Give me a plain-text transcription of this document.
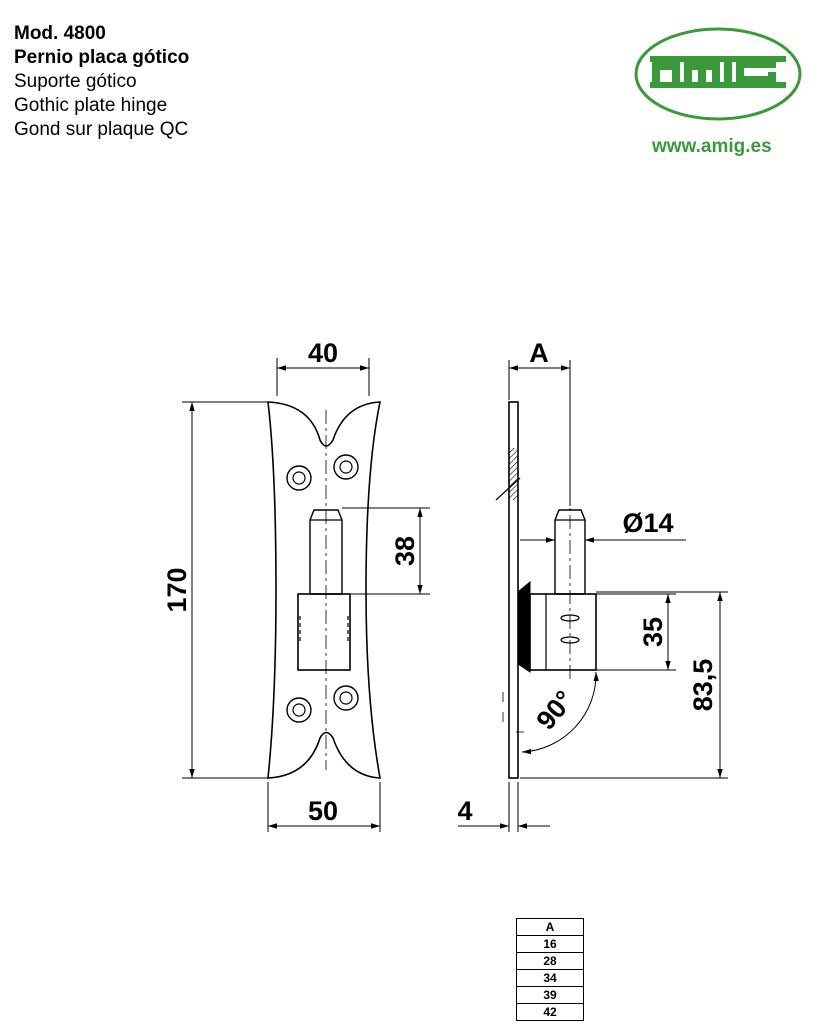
Mod. 4800
Pernio placa gótico
Suporte gótico
Gothic plate hinge
Gond sur plaque QC
www.amig.es
40
170
38
50
A
Ø14
35
83,5
90°
4
A
16
28
34
39
42
